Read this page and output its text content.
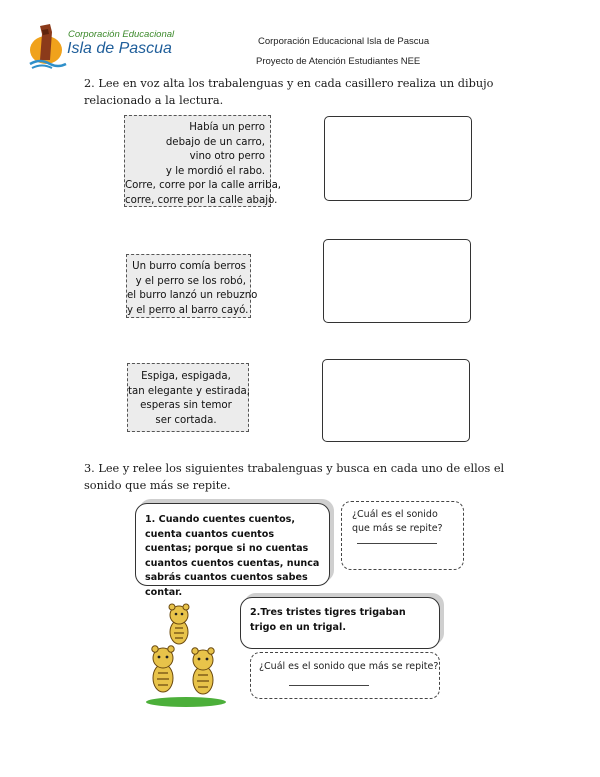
Corporación Educacional
Isla de Pascua	Corporación Educacional Isla de Pascua
Proyecto de Atención Estudiantes NEE
2. Lee en voz alta los trabalenguas y en cada casillero realiza un dibujo relacionado a la lectura.
Había un perro
debajo de un carro,
vino otro perro
y le mordió el rabo.
Corre, corre por la calle arriba,
corre, corre por la calle abajo.
Un burro comía berros
y el perro se los robó,
el burro lanzó un rebuzno
y el perro al barro cayó.
Espiga, espigada,
tan elegante y estirada,
esperas sin temor
ser cortada.
3. Lee y relee los siguientes trabalenguas y busca en cada uno de ellos el sonido que más se repite.
1. Cuando cuentes cuentos, cuenta cuantos cuentos cuentas; porque si no cuentas cuantos cuentos cuentas, nunca sabrás cuantos cuentos sabes contar.
¿Cuál es el sonido que más se repite?
2.Tres tristes tigres trigaban trigo en un trigal.
¿Cuál es el sonido que más se repite?
